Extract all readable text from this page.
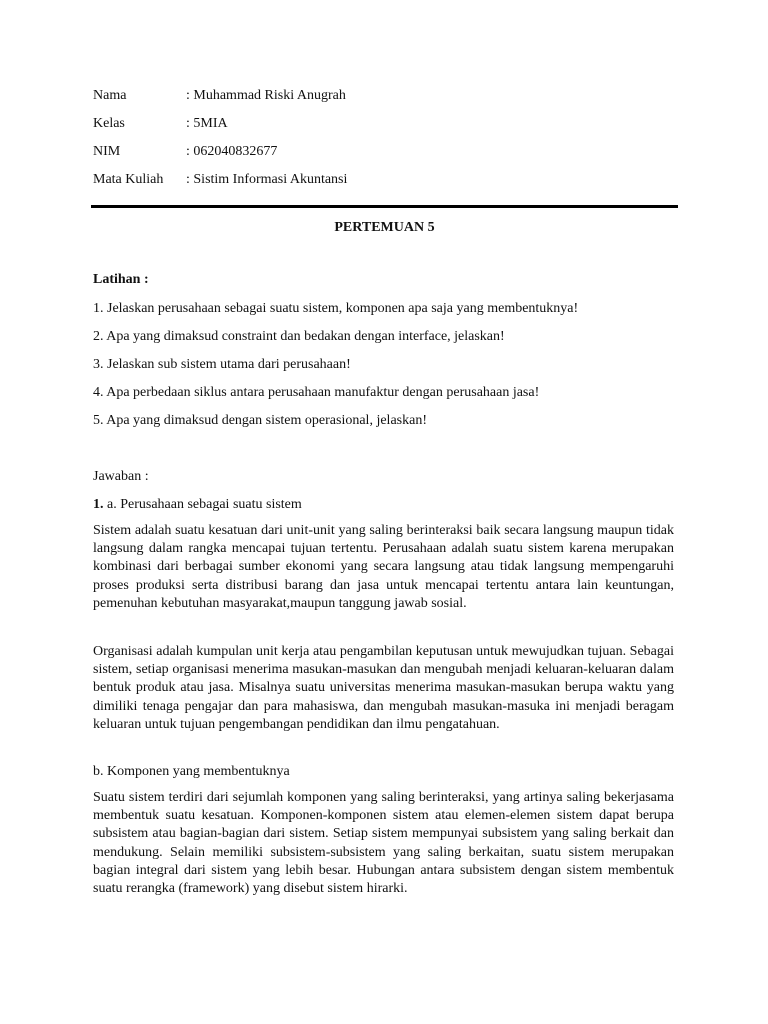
Nama	: Muhammad Riski Anugrah
Kelas	: 5MIA
NIM	: 062040832677
Mata Kuliah : Sistim Informasi Akuntansi
PERTEMUAN 5
Latihan :
1. Jelaskan perusahaan sebagai suatu sistem, komponen apa saja yang membentuknya!
2. Apa yang dimaksud constraint dan bedakan dengan interface, jelaskan!
3. Jelaskan sub sistem utama dari perusahaan!
4. Apa perbedaan siklus antara perusahaan manufaktur dengan perusahaan jasa!
5. Apa yang dimaksud dengan sistem operasional, jelaskan!
Jawaban :
1. a. Perusahaan sebagai suatu sistem
Sistem adalah suatu kesatuan dari unit-unit yang saling berinteraksi baik secara langsung maupun tidak langsung dalam rangka mencapai tujuan tertentu. Perusahaan adalah suatu sistem karena merupakan kombinasi dari berbagai sumber ekonomi yang secara langsung atau tidak langsung mempengaruhi proses produksi serta distribusi barang dan jasa untuk mencapai tertentu antara lain keuntungan, pemenuhan kebutuhan masyarakat,maupun tanggung jawab sosial.
Organisasi adalah kumpulan unit kerja atau pengambilan keputusan untuk mewujudkan tujuan. Sebagai sistem, setiap organisasi menerima masukan-masukan dan mengubah menjadi keluaran-keluaran dalam bentuk produk atau jasa. Misalnya suatu universitas menerima masukan-masukan berupa waktu yang dimiliki tenaga pengajar dan para mahasiswa, dan mengubah masukan-masuka ini menjadi beragam keluaran untuk tujuan pengembangan pendidikan dan ilmu pengatahuan.
b. Komponen yang membentuknya
Suatu sistem terdiri dari sejumlah komponen yang saling berinteraksi, yang artinya saling bekerjasama membentuk suatu kesatuan. Komponen-komponen sistem atau elemen-elemen sistem dapat berupa subsistem atau bagian-bagian dari sistem. Setiap sistem mempunyai subsistem yang saling berkait dan mendukung. Selain memiliki subsistem-subsistem yang saling berkaitan, suatu sistem merupakan bagian integral dari sistem yang lebih besar. Hubungan antara subsistem dengan sistem membentuk suatu rerangka (framework) yang disebut sistem hirarki.
